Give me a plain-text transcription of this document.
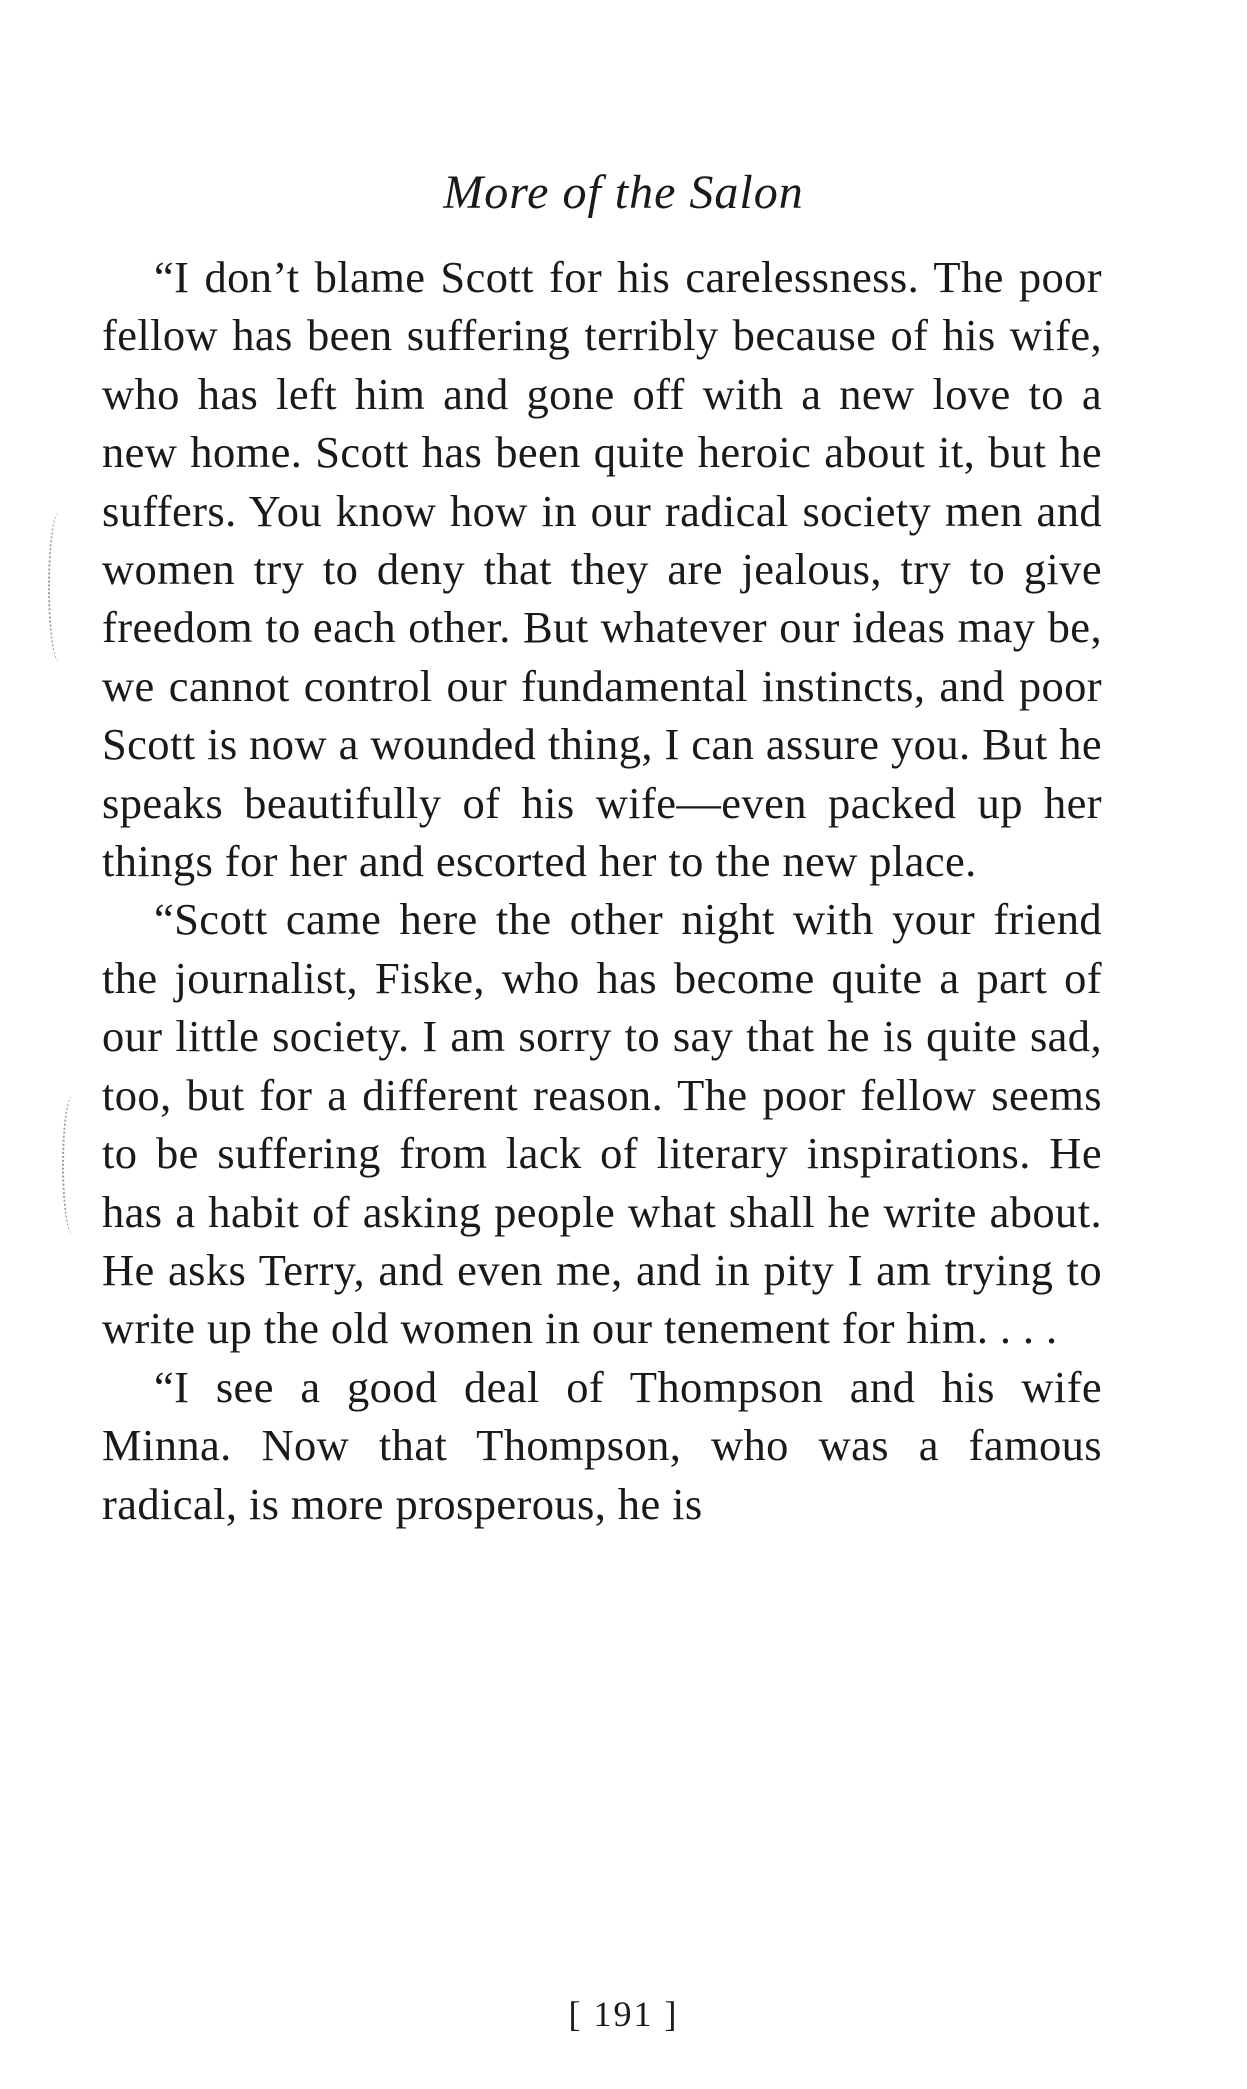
More of the Salon

“I don’t blame Scott for his carelessness. The poor fellow has been suffering terribly because of his wife, who has left him and gone off with a new love to a new home. Scott has been quite heroic about it, but he suffers. You know how in our radical society men and women try to deny that they are jealous, try to give freedom to each other. But whatever our ideas may be, we cannot control our fundamental instincts, and poor Scott is now a wounded thing, I can assure you. But he speaks beautifully of his wife—even packed up her things for her and escorted her to the new place.

“Scott came here the other night with your friend the journalist, Fiske, who has become quite a part of our little society. I am sorry to say that he is quite sad, too, but for a different reason. The poor fellow seems to be suffering from lack of literary inspirations. He has a habit of asking people what shall he write about. He asks Terry, and even me, and in pity I am trying to write up the old women in our tenement for him. . . .

“I see a good deal of Thompson and his wife Minna. Now that Thompson, who was a famous radical, is more prosperous, he is

[ 191 ]
